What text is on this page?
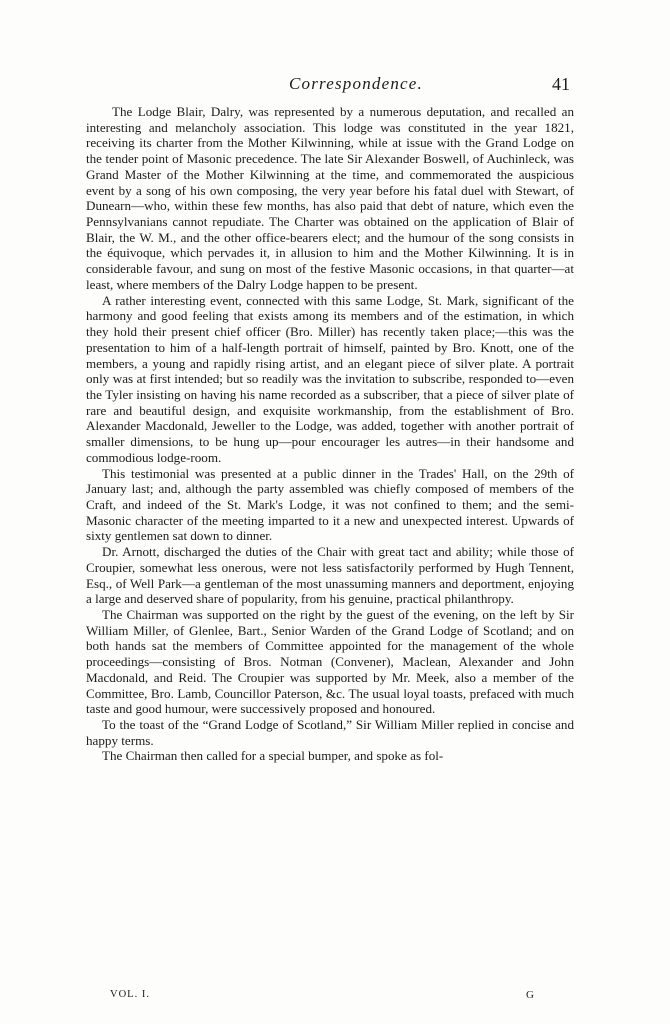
Correspondence.	41

The Lodge Blair, Dalry, was represented by a numerous deputation, and recalled an interesting and melancholy association. This lodge was constituted in the year 1821, receiving its charter from the Mother Kilwinning, while at issue with the Grand Lodge on the tender point of Masonic precedence. The late Sir Alexander Boswell, of Auchinleck, was Grand Master of the Mother Kilwinning at the time, and commemorated the auspicious event by a song of his own composing, the very year before his fatal duel with Stewart, of Dunearn—who, within these few months, has also paid that debt of nature, which even the Pennsylvanians cannot repudiate. The Charter was obtained on the application of Blair of Blair, the W. M., and the other office-bearers elect; and the humour of the song consists in the équivoque, which pervades it, in allusion to him and the Mother Kilwinning. It is in considerable favour, and sung on most of the festive Masonic occasions, in that quarter—at least, where members of the Dalry Lodge happen to be present.

A rather interesting event, connected with this same Lodge, St. Mark, significant of the harmony and good feeling that exists among its members and of the estimation, in which they hold their present chief officer (Bro. Miller) has recently taken place;—this was the presentation to him of a half-length portrait of himself, painted by Bro. Knott, one of the members, a young and rapidly rising artist, and an elegant piece of silver plate. A portrait only was at first intended; but so readily was the invitation to subscribe, responded to—even the Tyler insisting on having his name recorded as a subscriber, that a piece of silver plate of rare and beautiful design, and exquisite workmanship, from the establishment of Bro. Alexander Macdonald, Jeweller to the Lodge, was added, together with another portrait of smaller dimensions, to be hung up—pour encourager les autres—in their handsome and commodious lodge-room.

This testimonial was presented at a public dinner in the Trades' Hall, on the 29th of January last; and, although the party assembled was chiefly composed of members of the Craft, and indeed of the St. Mark's Lodge, it was not confined to them; and the semi-Masonic character of the meeting imparted to it a new and unexpected interest. Upwards of sixty gentlemen sat down to dinner.

Dr. Arnott, discharged the duties of the Chair with great tact and ability; while those of Croupier, somewhat less onerous, were not less satisfactorily performed by Hugh Tennent, Esq., of Well Park—a gentleman of the most unassuming manners and deportment, enjoying a large and deserved share of popularity, from his genuine, practical philanthropy.

The Chairman was supported on the right by the guest of the evening, on the left by Sir William Miller, of Glenlee, Bart., Senior Warden of the Grand Lodge of Scotland; and on both hands sat the members of Committee appointed for the management of the whole proceedings—consisting of Bros. Notman (Convener), Maclean, Alexander and John Macdonald, and Reid. The Croupier was supported by Mr. Meek, also a member of the Committee, Bro. Lamb, Councillor Paterson, &c. The usual loyal toasts, prefaced with much taste and good humour, were successively proposed and honoured.

To the toast of the “Grand Lodge of Scotland,” Sir William Miller replied in concise and happy terms.

The Chairman then called for a special bumper, and spoke as fol-

VOL. I.	G
